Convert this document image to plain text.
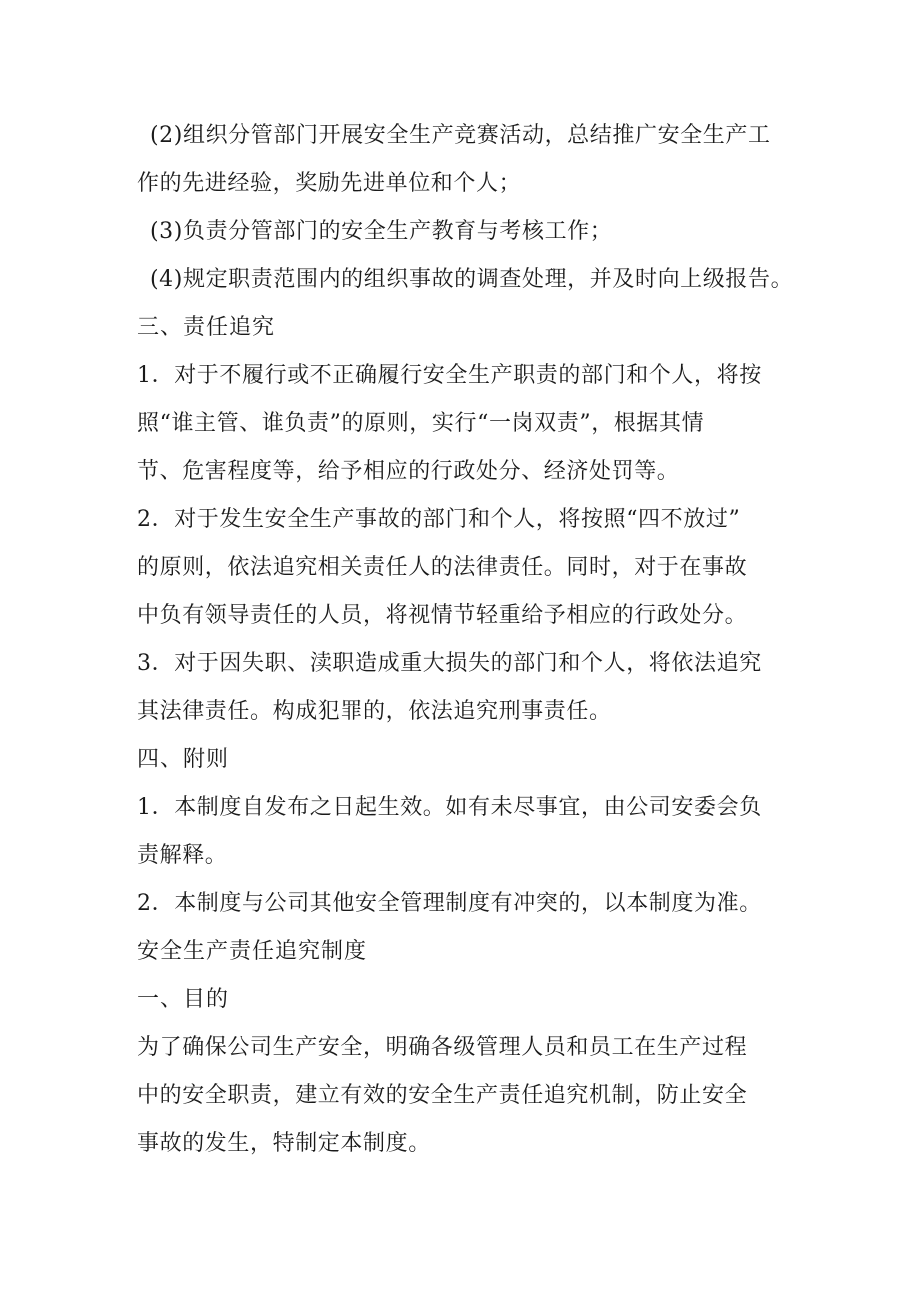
(2)组织分管部门开展安全生产竞赛活动，总结推广安全生产工

作的先进经验，奖励先进单位和个人；

(3)负责分管部门的安全生产教育与考核工作；

(4)规定职责范围内的组织事故的调查处理，并及时向上级报告。

三、责任追究

1．对于不履行或不正确履行安全生产职责的部门和个人，将按

照“谁主管、谁负责”的原则，实行“一岗双责”，根据其情

节、危害程度等，给予相应的行政处分、经济处罚等。

2．对于发生安全生产事故的部门和个人，将按照“四不放过”

的原则，依法追究相关责任人的法律责任。同时，对于在事故

中负有领导责任的人员，将视情节轻重给予相应的行政处分。

3．对于因失职、渎职造成重大损失的部门和个人，将依法追究

其法律责任。构成犯罪的，依法追究刑事责任。

四、附则

1．本制度自发布之日起生效。如有未尽事宜，由公司安委会负

责解释。

2．本制度与公司其他安全管理制度有冲突的，以本制度为准。

安全生产责任追究制度

一、目的

为了确保公司生产安全，明确各级管理人员和员工在生产过程

中的安全职责，建立有效的安全生产责任追究机制，防止安全

事故的发生，特制定本制度。
